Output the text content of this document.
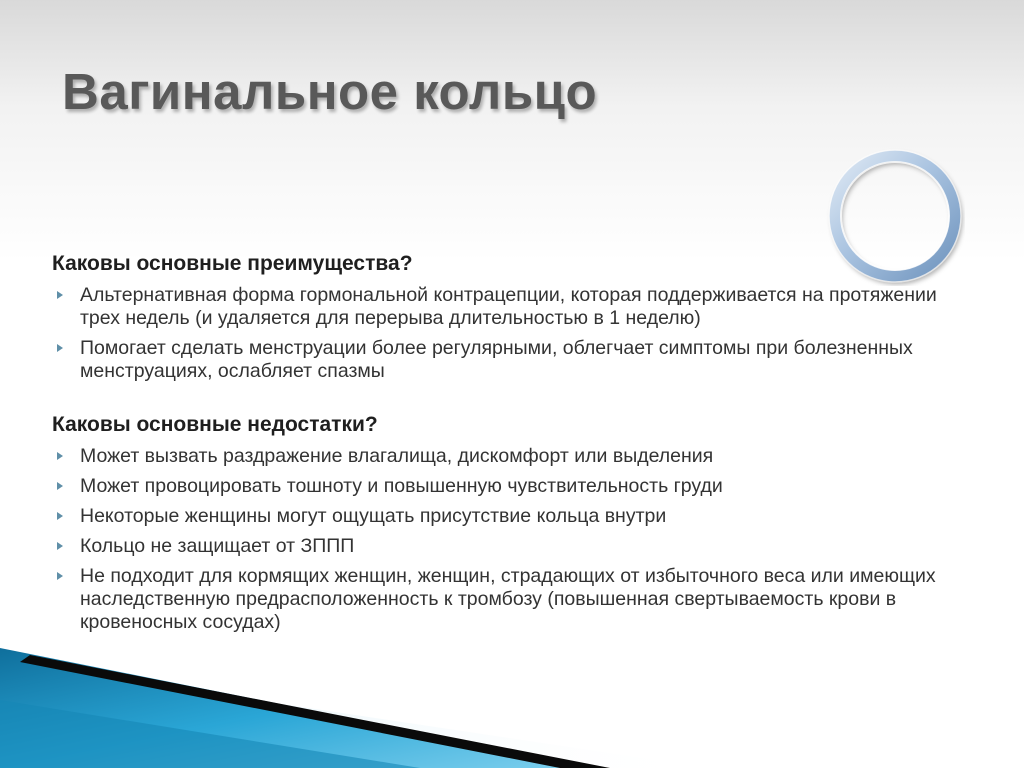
Вагинальное кольцо

Каковы основные преимущества?

Альтернативная форма гормональной контрацепции, которая поддерживается на протяжении трех недель (и удаляется для перерыва длительностью в 1 неделю)
Помогает сделать менструации более регулярными, облегчает симптомы при болезненных менструациях, ослабляет спазмы

Каковы основные недостатки?

Может вызвать раздражение влагалища, дискомфорт или выделения
Может провоцировать тошноту и повышенную чувствительность груди
Некоторые женщины могут ощущать присутствие кольца внутри
Кольцо не защищает от ЗППП
Не подходит для кормящих женщин, женщин, страдающих от избыточного веса или имеющих наследственную предрасположенность к тромбозу (повышенная свертываемость крови в кровеносных сосудах)
